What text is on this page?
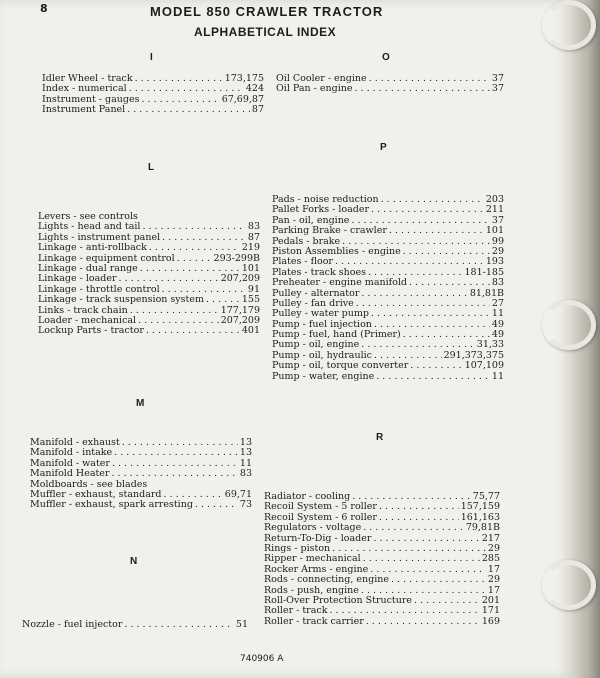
8	MODEL 850 CRAWLER TRACTOR
ALPHABETICAL INDEX
I
Idler Wheel - track . . .	173,175
Index - numerical . . .	424
Instrument - gauges . . .	67,69,87
Instrument Panel . . .	87
L
Levers - see controls
Lights - head and tail . . .	83
Lights - instrument panel . . .	87
Linkage - anti-rollback . . .	219
Linkage - equipment control . . .	293-299B
Linkage - dual range . . .	101
Linkage - loader . . .	207,209
Linkage - throttle control . . .	91
Linkage - track suspension system . . .	155
Links - track chain . . .	177,179
Loader - mechanical . . .	207,209
Lockup Parts - tractor . . .	401
M
Manifold - exhaust . . .	13
Manifold - intake . . .	13
Manifold - water . . .	11
Manifold Heater . . .	83
Moldboards - see blades
Muffler - exhaust, standard . . .	69,71
Muffler - exhaust, spark arresting . . .	73
N
Nozzle - fuel injector . . .	51
O
Oil Cooler - engine . . .	37
Oil Pan - engine . . .	37
P
Pads - noise reduction . . .	203
Pallet Forks - loader . . .	211
Pan - oil, engine . . .	37
Parking Brake - crawler . . .	101
Pedals - brake . . .	99
Piston Assemblies - engine . . .	29
Plates - floor . . .	193
Plates - track shoes . . .	181-185
Preheater - engine manifold . . .	83
Pulley - alternator . . .	81,81B
Pulley - fan drive . . .	27
Pulley - water pump . . .	11
Pump - fuel injection . . .	49
Pump - fuel, hand (Primer) . . .	49
Pump - oil, engine . . .	31,33
Pump - oil, hydraulic . . .	291,373,375
Pump - oil, torque converter . . .	107,109
Pump - water, engine . . .	11
R
Radiator - cooling . . .	75,77
Recoil System - 5 roller . . .	157,159
Recoil System - 6 roller . . .	161,163
Regulators - voltage . . .	79,81B
Return-To-Dig - loader . . .	217
Rings - piston . . .	29
Ripper - mechanical . . .	285
Rocker Arms - engine . . .	17
Rods - connecting, engine . . .	29
Rods - push, engine . . .	17
Roll-Over Protection Structure . . .	201
Roller - track . . .	171
Roller - track carrier . . .	169
740906 A
